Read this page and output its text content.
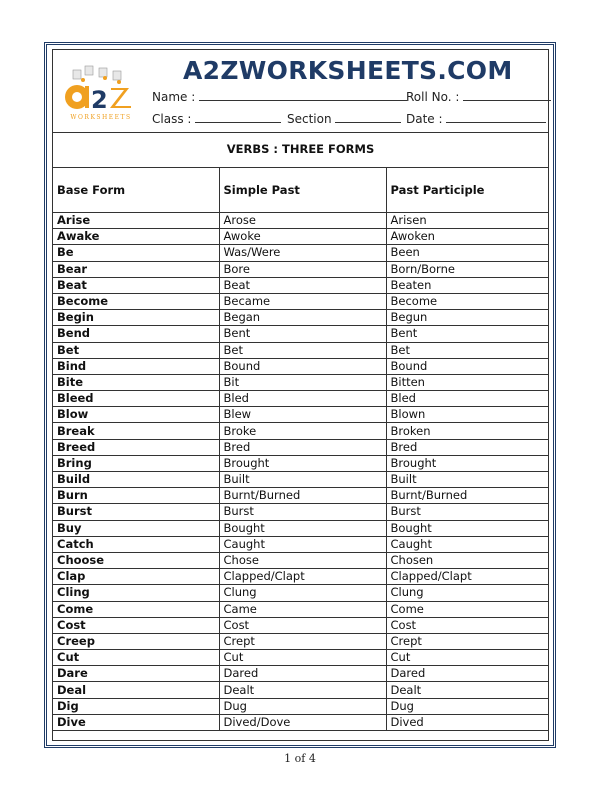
2
WORKSHEETS
A2ZWORKSHEETS.COM
Name :	Roll No. :
Class :	Section	Date :
VERBS : THREE FORMS
Base Form	Simple Past	Past Participle
Arise	Arose	Arisen
Awake	Awoke	Awoken
Be	Was/Were	Been
Bear	Bore	Born/Borne
Beat	Beat	Beaten
Become	Became	Become
Begin	Began	Begun
Bend	Bent	Bent
Bet	Bet	Bet
Bind	Bound	Bound
Bite	Bit	Bitten
Bleed	Bled	Bled
Blow	Blew	Blown
Break	Broke	Broken
Breed	Bred	Bred
Bring	Brought	Brought
Build	Built	Built
Burn	Burnt/Burned	Burnt/Burned
Burst	Burst	Burst
Buy	Bought	Bought
Catch	Caught	Caught
Choose	Chose	Chosen
Clap	Clapped/Clapt	Clapped/Clapt
Cling	Clung	Clung
Come	Came	Come
Cost	Cost	Cost
Creep	Crept	Crept
Cut	Cut	Cut
Dare	Dared	Dared
Deal	Dealt	Dealt
Dig	Dug	Dug
Dive	Dived/Dove	Dived
1 of 4
